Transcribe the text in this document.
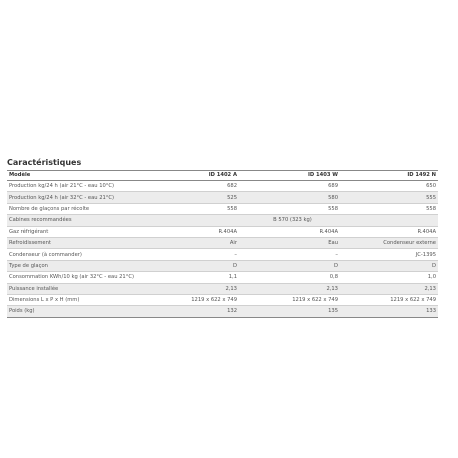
Caractéristiques
Modèle	ID 1402 A	ID 1403 W	ID 1492 N
Production kg/24 h (air 21°C - eau 10°C)	682	689	650
Production kg/24 h (air 32°C - eau 21°C)	525	580	555
Nombre de glaçons par récolte	558	558	558
Cabines recommandées	B 570 (323 kg)		
Gaz réfrigérant	R.404A	R.404A	R.404A
Refroidissement	Air	Eau	Condenseur externe
Condenseur (à commander)	–	–	JC-1395
Type de glaçon	D	D	D
Consommation KWh/10 kg (air 32°C - eau 21°C)	1,1	0,8	1,0
Puissance installée	2,13	2,13	2,13
Dimensions L x P x H (mm)	1219 x 622 x 749	1219 x 622 x 749	1219 x 622 x 749
Poids (kg)	132	135	133
